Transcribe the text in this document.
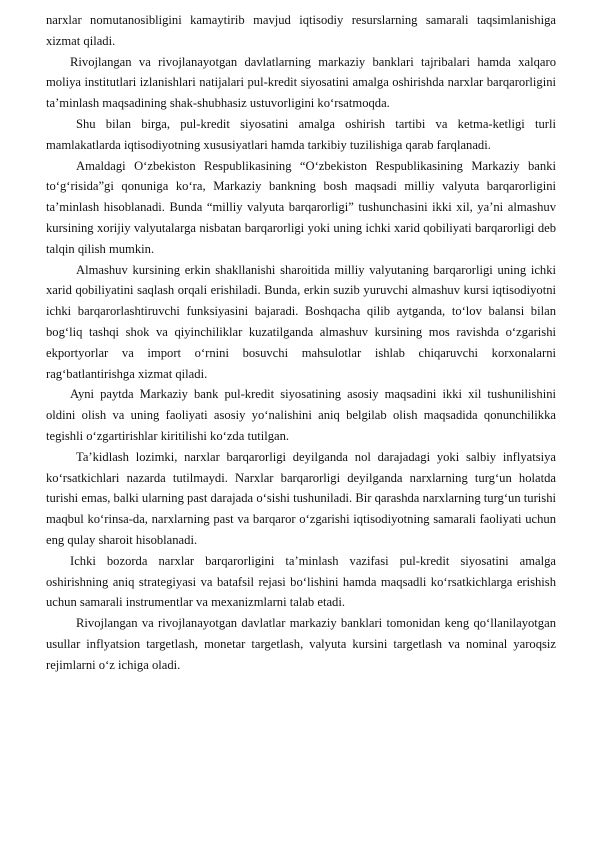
narxlar nomutanosibligini kamaytirib mavjud iqtisodiy resurslarning samarali taqsimlanishiga xizmat qiladi.

Rivojlangan va rivojlanayotgan davlatlarning markaziy banklari tajribalari hamda xalqaro moliya institutlari izlanishlari natijalari pul-kredit siyosatini amalga oshirishda narxlar barqarorligini ta’minlash maqsadining shak-shubhasiz ustuvorligini ko‘rsatmoqda.

Shu bilan birga, pul-kredit siyosatini amalga oshirish tartibi va ketma-ketligi turli mamlakatlarda iqtisodiyotning xususiyatlari hamda tarkibiy tuzilishiga qarab farqlanadi.

Amaldagi O‘zbekiston Respublikasining “O‘zbekiston Respublikasining Markaziy banki to‘g‘risida”gi qonuniga ko‘ra, Markaziy bankning bosh maqsadi milliy valyuta barqarorligini ta’minlash hisoblanadi. Bunda “milliy valyuta barqarorligi” tushunchasini ikki xil, ya’ni almashuv kursining xorijiy valyutalarga nisbatan barqarorligi yoki uning ichki xarid qobiliyati barqarorligi deb talqin qilish mumkin.

Almashuv kursining erkin shakllanishi sharoitida milliy valyutaning barqarorligi uning ichki xarid qobiliyatini saqlash orqali erishiladi. Bunda, erkin suzib yuruvchi almashuv kursi iqtisodiyotni ichki barqarorlashtiruvchi funksiyasini bajaradi. Boshqacha qilib aytganda, to‘lov balansi bilan bog‘liq tashqi shok va qiyinchiliklar kuzatilganda almashuv kursining mos ravishda o‘zgarishi ekportyorlar va import o‘rnini bosuvchi mahsulotlar ishlab chiqaruvchi korxonalarni rag‘batlantirishga xizmat qiladi.

Ayni paytda Markaziy bank pul-kredit siyosatining asosiy maqsadini ikki xil tushunilishini oldini olish va uning faoliyati asosiy yo‘nalishini aniq belgilab olish maqsadida qonunchilikka tegishli o‘zgartirishlar kiritilishi ko‘zda tutilgan.

Ta’kidlash lozimki, narxlar barqarorligi deyilganda nol darajadagi yoki salbiy inflyatsiya ko‘rsatkichlari nazarda tutilmaydi. Narxlar barqarorligi deyilganda narxlarning turg‘un holatda turishi emas, balki ularning past darajada o‘sishi tushuniladi. Bir qarashda narxlarning turg‘un turishi maqbul ko‘rinsa-da, narxlarning past va barqaror o‘zgarishi iqtisodiyotning samarali faoliyati uchun eng qulay sharoit hisoblanadi.

Ichki bozorda narxlar barqarorligini ta’minlash vazifasi pul-kredit siyosatini amalga oshirishning aniq strategiyasi va batafsil rejasi bo‘lishini hamda maqsadli ko‘rsatkichlarga erishish uchun samarali instrumentlar va mexanizmlarni talab etadi.

Rivojlangan va rivojlanayotgan davlatlar markaziy banklari tomonidan keng qo‘llanilayotgan usullar inflyatsion targetlash, monetar targetlash, valyuta kursini targetlash va nominal yaroqsiz rejimlarni o‘z ichiga oladi.
